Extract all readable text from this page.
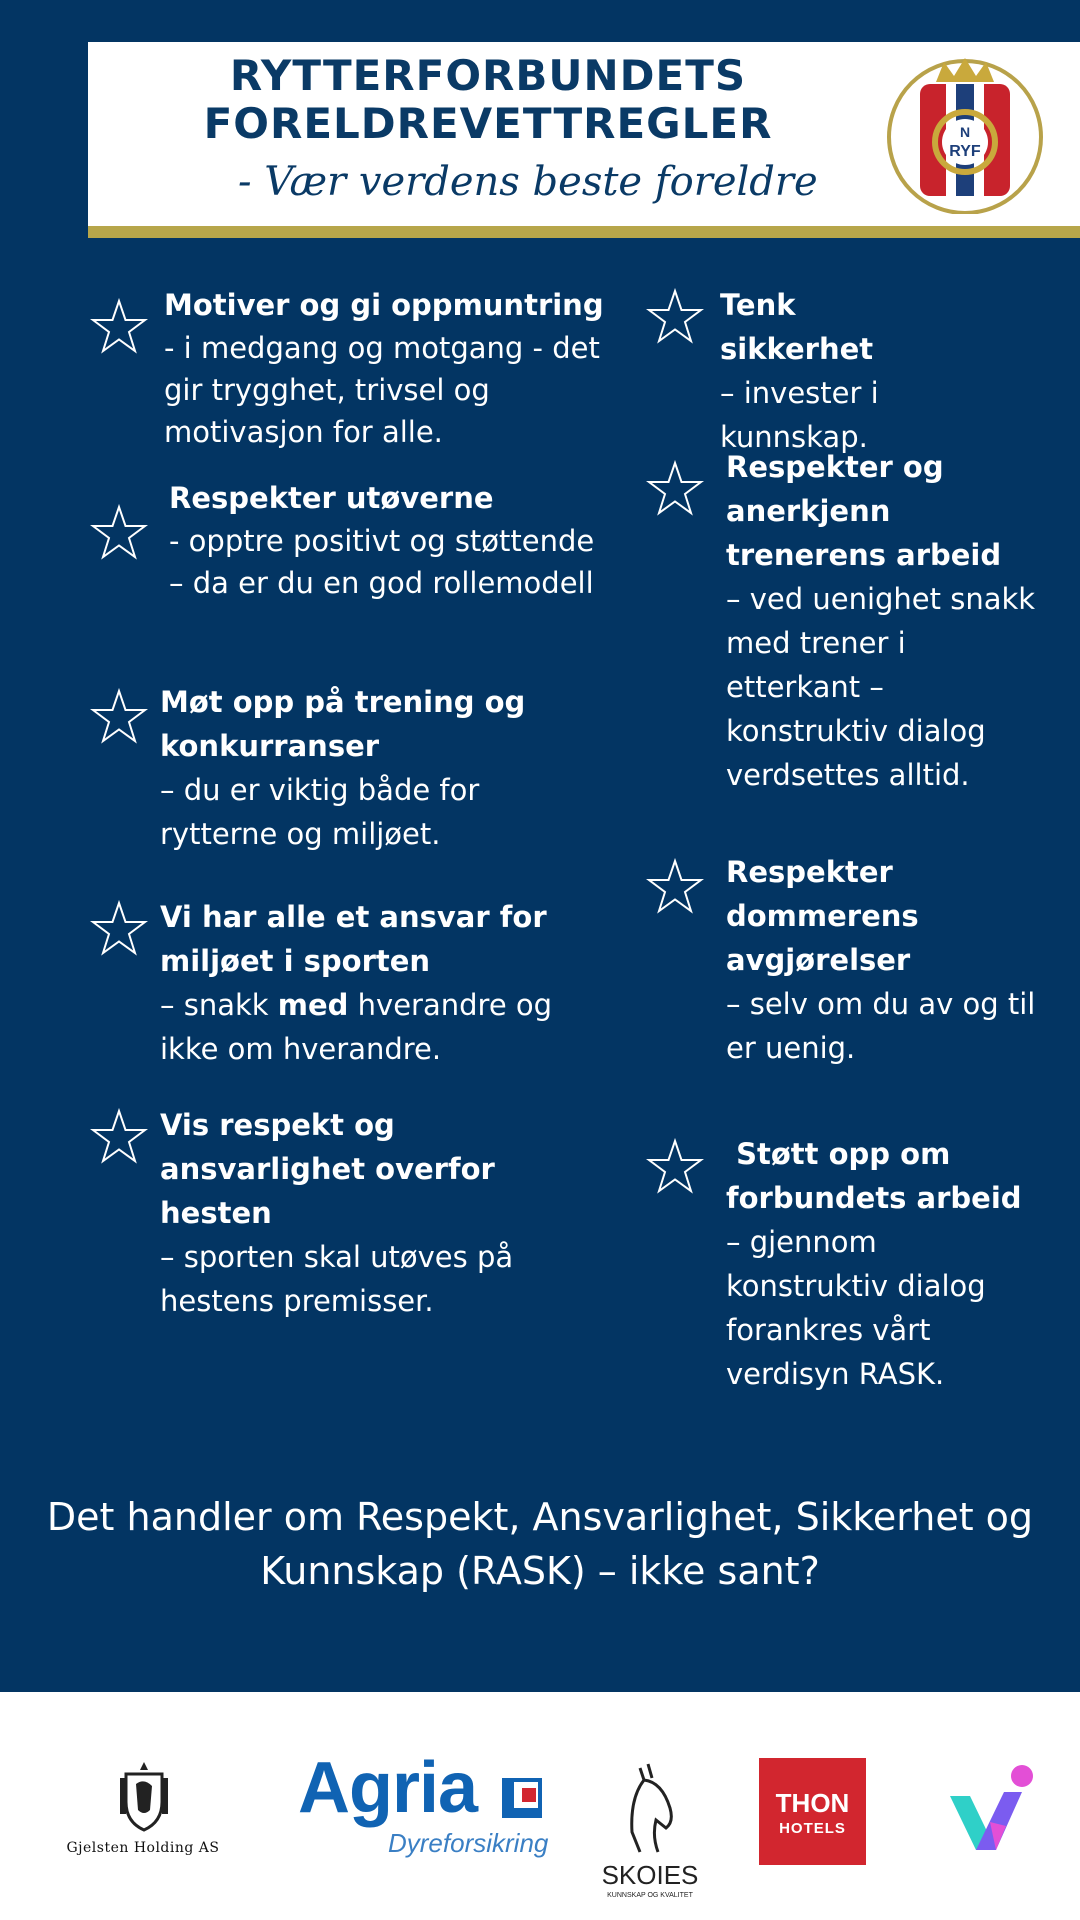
RYTTERFORBUNDETS
FORELDREVETTREGLER
- Vær verdens beste foreldre
N
RYF
Motiver og gi oppmuntring
- i medgang og motgang - det gir trygghet, trivsel og motivasjon for alle.
Respekter utøverne
- opptre positivt og støttende – da er du en god rollemodell
Møt opp på trening og konkurranser
– du er viktig både for rytterne og miljøet.
Vi har alle et ansvar for miljøet i sporten
– snakk med hverandre og ikke om hverandre.
Vis respekt og ansvarlighet overfor hesten
– sporten skal utøves på hestens premisser.
Tenk sikkerhet
– invester i kunnskap.
Respekter og anerkjenn trenerens arbeid
– ved uenighet snakk med trener i etterkant – konstruktiv dialog verdsettes alltid.
Respekter dommerens avgjørelser
– selv om du av og til er uenig.
Støtt opp om forbundets arbeid
– gjennom konstruktiv dialog forankres vårt verdisyn RASK.
Det handler om Respekt, Ansvarlighet, Sikkerhet og Kunnskap (RASK) – ikke sant?
Gjelsten Holding AS
Agria
Dyreforsikring
SKOIES
KUNNSKAP OG KVALITET
THON
HOTELS
